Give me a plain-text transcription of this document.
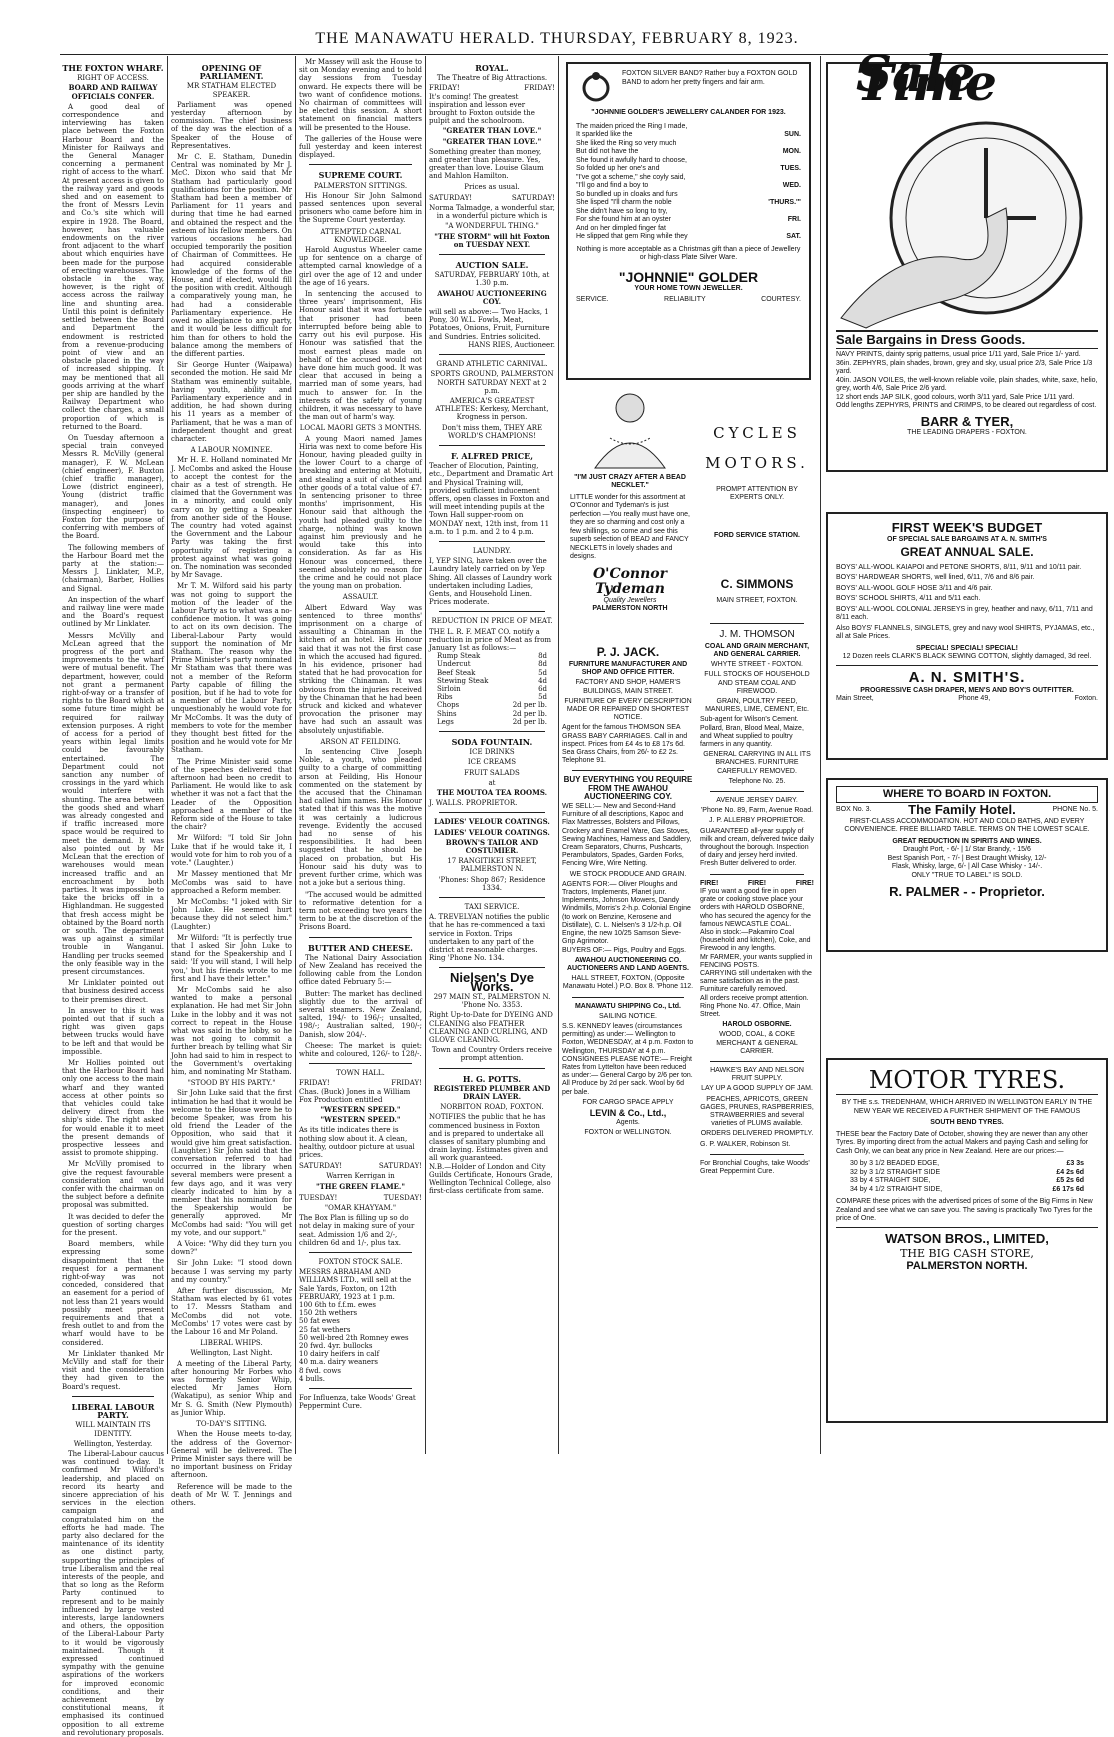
THE MANAWATU HERALD. THURSDAY, FEBRUARY 8, 1923.
THE FOXTON WHARF.
RIGHT OF ACCESS.
BOARD AND RAILWAY OFFICIALS CONFER.

A good deal of correspondence and interviewing has taken place between the Foxton Harbour Board and the Minister for Railways and the General Manager concerning a permanent right of access to the wharf. At present access is given to the railway yard and goods shed and on easement to the front of Messrs Levin and Co.'s site which will expire in 1928. The Board, however, has valuable endowments on the river front adjacent to the wharf about which enquiries have been made for the purpose of erecting warehouses. The obstacle in the way, however, is the right of access across the railway line and shunting area. Until this point is definitely settled between the Board and Department the endowment is restricted from a revenue-producing point of view and an obstacle placed in the way of increased shipping. It may be mentioned that all goods arriving at the wharf per ship are handled by the Railway Department who collect the charges, a small proportion of which is returned to the Board.

On Tuesday afternoon a special train conveyed Messrs R. McVilly (general manager), F. W. McLean (chief engineer), F. Buxton (chief traffic manager), Lowe (district engineer), Young (district traffic manager), and Jones (inspecting engineer) to Foxton for the purpose of conferring with members of the Board.

The following members of the Harbour Board met the party at the station:—Messrs J. Linklater, M.P., (chairman), Barber, Hollies and Signal.

An inspection of the wharf and railway line were made and the Board's request outlined by Mr Linklater.

Messrs McVilly and McLean agreed that the progress of the port and improvements to the wharf were of mutual benefit. The department, however, could not grant a permanent right-of-way or a transfer of rights to the Board which at some future time might be required for railway extension purposes. A right of access for a period of years within legal limits could be favourably entertained. The Department could not sanction any number of crossings in the yard which would interfere with shunting. The area between the goods shed and wharf was already congested and if traffic increased more space would be required to meet the demand. It was also pointed out by Mr McLean that the erection of warehouses would mean increased traffic and an encroachment by both parties. It was impossible to take the bricks off in a Highlandman. He suggested that fresh access might be obtained by the Board north or south. The department was up against a similar trouble in Wanganui. Handling per trucks seemed the only feasible way in the present circumstances.

Mr Linklater pointed out that business desired access to their premises direct.

In answer to this it was pointed out that if such a right was given gaps between trucks would have to be left and that would be impossible.

Mr Hollies pointed out that the Harbour Board had only one access to the main wharf and they wanted access at other points so that vehicles could take delivery direct from the ship's side. The right asked for would enable it to meet the present demands of prospective lessees and assist to promote shipping.

Mr McVilly promised to give the request favourable consideration and would confer with the chairman on the subject before a definite proposal was submitted.

It was decided to defer the question of sorting charges for the present.

Board members, while expressing some disappointment that the request for a permanent right-of-way was not conceded, considered that an easement for a period of not less than 21 years would possibly meet present requirements and that a fresh outlet to and from the wharf would have to be considered.

Mr Linklater thanked Mr McVilly and staff for their visit and the consideration they had given to the Board's request.

LIBERAL LABOUR PARTY.
WILL MAINTAIN ITS IDENTITY.
Wellington, Yesterday.

The Liberal-Labour caucus was continued to-day. It confirmed Mr Wilford's leadership, and placed on record its hearty and sincere appreciation of his services in the election campaign and congratulated him on the efforts he had made. The party also declared for the maintenance of its identity as one distinct party, supporting the principles of true Liberalism and the real interests of the people, and that so long as the Reform Party continued to represent and to be mainly influenced by large vested interests, large landowners and others, the opposition of the Liberal-Labour Party to it would be vigorously maintained. Though it expressed continued sympathy with the genuine aspirations of the workers for improved economic conditions, and their achievement by constitutional means, it emphasised its continued opposition to all extreme and revolutionary proposals.

OPENING OF PARLIAMENT.
MR STATHAM ELECTED SPEAKER.

Parliament was opened yesterday afternoon by commission. The chief business of the day was the election of a Speaker of the House of Representatives.

Mr C. E. Statham, Dunedin Central was nominated by Mr J. McC. Dixon who said that Mr Statham had particularly good qualifications for the position. Mr Statham had been a member of Parliament for 11 years and during that time he had earned and obtained the respect and the esteem of his fellow members. On various occasions he had occupied temporarily the position of Chairman of Committees. He had acquired considerable knowledge of the forms of the House, and if elected, would fill the position with credit. Although a comparatively young man, he had had a considerable Parliamentary experience. He owed no allegiance to any party, and it would be less difficult for him than for others to hold the balance among the members of the different parties.

Sir George Hunter (Waipawa) seconded the motion. He said Mr Statham was eminently suitable, having youth, ability and Parliamentary experience and in addition, he had shown during his 11 years as a member of Parliament, that he was a man of independent thought and great character.

A LABOUR NOMINEE.

Mr H. E. Holland nominated Mr J. McCombs and asked the House to accept the contest for the chair as a test of strength. He claimed that the Government was in a minority, and could only carry on by getting a Speaker from another side of the House. The country had voted against the Government and the Labour Party was taking the first opportunity of registering a protest against what was going on. The nomination was seconded by Mr Savage.

Mr T. M. Wilford said his party was not going to support the motion of the leader of the Labour Party as to what was a no-confidence motion. It was going to act on its own decision. The Liberal-Labour Party would support the nomination of Mr Statham. The reason why the Prime Minister's party nominated Mr Statham was that there was not a member of the Reform Party capable of filling the position, but if he had to vote for a member of the Labour Party, unquestionably he would vote for Mr McCombs. It was the duty of members to vote for the member they thought best fitted for the position and he would vote for Mr Statham.

The Prime Minister said some of the speeches delivered that afternoon had been no credit to Parliament. He would like to ask whether it was not a fact that the Leader of the Opposition approached a member of the Reform side of the House to take the chair?

Mr Wilford: "I told Sir John Luke that if he would take it, I would vote for him to rob you of a vote." (Laughter.)

Mr Massey mentioned that Mr McCombs was said to have approached a Reform member.

Mr McCombs: "I joked with Sir John Luke. He seemed hurt because they did not select him." (Laughter.)

Mr Wilford: "It is perfectly true that I asked Sir John Luke to stand for the Speakership and I said: 'If you will stand, I will help you,' but his friends wrote to me first and I have their letter."

Mr McCombs said he also wanted to make a personal explanation. He had met Sir John Luke in the lobby and it was not correct to repeat in the House what was said in the lobby, so he was not going to commit a further breach by telling what Sir John had said to him in respect to the Government's overtaking him, and nominating Mr Statham.

"STOOD BY HIS PARTY."

Sir John Luke said that the first intimation he had that it would be welcome to the House were he to become Speaker, was from his old friend the Leader of the Opposition, who said that it would give him great satisfaction. (Laughter.) Sir John said that the conversation referred to had occurred in the library when several members were present a few days ago, and it was very clearly indicated to him by a member that his nomination for the Speakership would be generally approved. Mr McCombs had said: "You will get my vote, and our support."

A Voice: "Why did they turn you down?"

Sir John Luke: "I stood down because I was serving my party and my country."

After further discussion, Mr Statham was elected by 61 votes to 17. Messrs Statham and McCombs did not vote. McCombs' 17 votes were cast by the Labour 16 and Mr Poland.

LIBERAL WHIPS.
Wellington, Last Night.

A meeting of the Liberal Party, after honouring Mr Forbes who was formerly Senior Whip, elected Mr James Horn (Wakatipu), as senior Whip and Mr S. G. Smith (New Plymouth) as Junior Whip.

TO-DAY'S SITTING.

When the House meets to-day, the address of the Governor-General will be delivered. The Prime Minister says there will be no important business on Friday afternoon.

Reference will be made to the death of Mr W. T. Jennings and others.

Mr Massey will ask the House to sit on Monday evening and to hold day sessions from Tuesday onward. He expects there will be two want of confidence motions. No chairman of committees will be elected this session. A short statement on financial matters will be presented to the House.

The galleries of the House were full yesterday and keen interest displayed.

SUPREME COURT.
PALMERSTON SITTINGS.

His Honour Sir John Salmond passed sentences upon several prisoners who came before him in the Supreme Court yesterday.

ATTEMPTED CARNAL KNOWLEDGE.

Harold Augustus Wheeler came up for sentence on a charge of attempted carnal knowledge of a girl over the age of 12 and under the age of 16 years.

In sentencing the accused to three years' imprisonment, His Honour said that it was fortunate that prisoner had been interrupted before being able to carry out his evil purpose. His Honour was satisfied that the most earnest pleas made on behalf of the accused would not have done him much good. It was clear that accused in being a married man of some years, had much to answer for. In the interests of the safety of young children, it was necessary to have the man out of harm's way.

LOCAL MAORI GETS 3 MONTHS.

A young Maori named James Hiria was next to come before His Honour, having pleaded guilty in the lower Court to a charge of breaking and entering at Motuiti, and stealing a suit of clothes and other goods of a total value of £7. In sentencing prisoner to three months' imprisonment, His Honour said that although the youth had pleaded guilty to the charge, nothing was known against him previously and he would take this into consideration. As far as His Honour was concerned, there seemed absolutely no reason for the crime and he could not place the young man on probation.

ASSAULT.

Albert Edward Way was sentenced to three months' imprisonment on a charge of assaulting a Chinaman in the kitchen of an hotel. His Honour said that it was not the first case in which the accused had figured. In his evidence, prisoner had stated that he had provocation for striking the Chinaman. It was obvious from the injuries received by the Chinaman that he had been struck and kicked and whatever provocation the prisoner may have had such an assault was absolutely unjustifiable.

ARSON AT FEILDING.

In sentencing Clive Joseph Noble, a youth, who pleaded guilty to a charge of committing arson at Feilding, His Honour commented on the statement by the accused that the Chinaman had called him names. His Honour stated that if this was the motive it was certainly a ludicrous revenge. Evidently the accused had no sense of his responsibilities. It had been suggested that he should be placed on probation, but His Honour said his duty was to prevent further crime, which was not a joke but a serious thing.

"The accused would be admitted to reformative detention for a term not exceeding two years the term to be at the discretion of the Prisons Board.

BUTTER AND CHEESE.

The National Dairy Association of New Zealand has received the following cable from the London office dated February 5:—

Butter: The market has declined slightly due to the arrival of several steamers. New Zealand, salted, 194/- to 196/-; unsalted, 198/-; Australian salted, 190/-; Danish, slow 204/-.

Cheese: The market is quiet: white and coloured, 126/- to 128/-.

TOWN HALL.
FRIDAY!	FRIDAY!
Chas. (Buck) Jones in a William Fox Production entitled
"WESTERN SPEED."
"WESTERN SPEED."
As its title indicates there is nothing slow about it. A clean, healthy, outdoor picture at usual prices.
SATURDAY!	SATURDAY!
Warren Kerrigan in
"THE GREEN FLAME."
TUESDAY!	TUESDAY!
"OMAR KHAYYAM."
The Box Plan is filling up so do not delay in making sure of your seat. Admission 1/6 and 2/-, children 6d and 1/-, plus tax.
FOXTON STOCK SALE.
MESSRS ABRAHAM AND WILLIAMS LTD., will sell at the Sale Yards, Foxton, on 12th FEBRUARY, 1923 at 1 p.m.
100 6th to f.f.m. ewes
150 2th wethers
50 fat ewes
25 fat wethers
50 well-bred 2th Romney ewes
20 fwd. 4yr. bullocks
10 dairy heifers in calf
40 m.a. dairy weaners
8 fwd. cows
4 bulls.
For Influenza, take Woods' Great Peppermint Cure.
ROYAL.
The Theatre of Big Attractions.
FRIDAY!	FRIDAY!
It's coming! The greatest inspiration and lesson ever brought to Foxton outside the pulpit and the schoolroom.
"GREATER THAN LOVE."
"GREATER THAN LOVE."
Something greater than money, and greater than pleasure. Yes, greater than love. Louise Glaum and Mahlon Hamilton.
Prices as usual.
SATURDAY!	SATURDAY!
Norma Talmadge, a wonderful star, in a wonderful picture which is
"A WONDERFUL THING."
"THE STORM" will hit Foxton on TUESDAY NEXT.
AUCTION SALE.
SATURDAY, FEBRUARY 10th, at 1.30 p.m.
AWAHOU AUCTIONEERING COY.
will sell as above:— Two Hacks, 1 Pony, 30 W.L. Fowls, Meat, Potatoes, Onions, Fruit, Furniture and Sundries. Entries solicited.
HANS RIES, Auctioneer.
GRAND ATHLETIC CARNIVAL.
SPORTS GROUND, PALMERSTON NORTH SATURDAY NEXT at 2 p.m.
AMERICA'S GREATEST ATHLETES: Kerkesy, Merchant, Krogness in person.
Don't miss them, THEY ARE WORLD'S CHAMPIONS!
F. ALFRED PRICE,
Teacher of Elocution, Painting, etc., Department and Dramatic Art and Physical Training will, provided sufficient inducement offers, open classes in Foxton and will meet intending pupils at the Town Hall supper-room on MONDAY next, 12th inst, from 11 a.m. to 1 p.m. and 2 to 4 p.m.
LAUNDRY.
I, YEP SING, have taken over the Laundry lately carried on by Yep Shing. All classes of Laundry work undertaken including Ladies, Gents, and Household Linen. Prices moderate.
REDUCTION IN PRICE OF MEAT.
THE L. R. F. MEAT CO. notify a reduction in price of Meat as from January 1st as follows:—
Rump Steak	8d
Undercut	8d
Beef Steak	5d
Stewing Steak	4d
Sirloin	6d
Ribs	5d
Chops	2d per lb.
Shins	2d per lb.
Legs	2d per lb.
SODA FOUNTAIN.
ICE DRINKS
ICE CREAMS
FRUIT SALADS
at
THE MOUTOA TEA ROOMS.
J. WALLS. PROPRIETOR.
LADIES' VELOUR COATINGS.
LADIES' VELOUR COATINGS.
BROWN'S TAILOR AND COSTUMIER.
17 RANGITIKEI STREET, PALMERSTON N.
'Phones: Shop 867; Residence 1334.
TAXI SERVICE.
A. TREVELYAN notifies the public that he has re-commenced a taxi service in Foxton. Trips undertaken to any part of the district at reasonable charges. Ring 'Phone No. 134.
Nielsen's Dye Works.
297 MAIN ST., PALMERSTON N. 'Phone No. 3353.
Right Up-to-Date for DYEING AND CLEANING also FEATHER CLEANING AND CURLING, AND GLOVE CLEANING.
Town and Country Orders receive prompt attention.
H. G. POTTS.
REGISTERED PLUMBER AND DRAIN LAYER.
NORBITON ROAD, FOXTON.
NOTIFIES the public that he has commenced business in Foxton and is prepared to undertake all classes of sanitary plumbing and drain laying. Estimates given and all work guaranteed.
N.B.—Holder of London and City Guilds Certificate, Honours Grade, Wellington Technical College, also first-class certificate from same.
FOXTON SILVER BAND? Rather buy a FOXTON GOLD BAND to adorn her pretty fingers and fair arm.
"JOHNNIE GOLDER'S JEWELLERY CALANDER FOR 1923.
The maiden priced the Ring I made,
It sparkled like the	SUN.
She liked the Ring so very much
But did not have the	MON.
She found it awfully hard to choose,
So folded up her one's and	TUES.
"I've got a scheme," she coyly said,
"I'll go and find a boy to	WED.
So bundled up in cloaks and furs
She lisped "I'll charm the noble	'THURS.'"
She didn't have so long to try,
For she found him at an oyster	FRI.
And on her dimpled finger fat
He slipped that gem Ring while they	SAT.
Nothing is more acceptable as a Christmas gift than a piece of Jewellery or high-class Plate Silver Ware.
"JOHNNIE" GOLDER
YOUR HOME TOWN JEWELLER.
SERVICE.	RELIABILITY	COURTESY.
"I'M JUST CRAZY AFTER A BEAD NECKLET."
LITTLE wonder for this assortment at O'Connor and Tydeman's is just perfection —You really must have one, they are so charming and cost only a few shillings, so come and see this superb selection of BEAD and FANCY NECKLETS in lovely shades and designs.
O'Connor Tydeman
Quality Jewellers
PALMERSTON NORTH
P. J. JACK.
FURNITURE MANUFACTURER AND SHOP AND OFFICE FITTER.
FACTORY AND SHOP, HAMER'S BUILDINGS, MAIN STREET.
FURNITURE OF EVERY DESCRIPTION MADE OR REPAIRED ON SHORTEST NOTICE.
Agent for the famous THOMSON SEA GRASS BABY CARRIAGES. Call in and inspect. Prices from £4 4s to £8 17s 6d. Sea Grass Chairs, from 26/- to £2 2s. Telephone 91.
BUY EVERYTHING YOU REQUIRE FROM THE AWAHOU AUCTIONEERING COY.
WE SELL:— New and Second-Hand Furniture of all descriptions, Kapoc and Flax Mattresses, Bolsters and Pillows, Crockery and Enamel Ware, Gas Stoves, Sewing Machines, Harness and Saddlery, Cream Separators, Churns, Pushcarts, Perambulators, Spades, Garden Forks, Fencing Wire, Wire Netting.
WE STOCK PRODUCE AND GRAIN.
AGENTS FOR:— Oliver Ploughs and Tractors, Implements, Planet junr. Implements, Johnson Mowers, Dandy Windmills, Morris's 2-h.p. Colonial Engine (to work on Benzine, Kerosene and Distillate), C. L. Nielsen's 3 1/2-h.p. Oil Engine, the new 10/25 Samson Sieve-Grip Agrimotor.
BUYERS OF:— Pigs, Poultry and Eggs.
AWAHOU AUCTIONEERING CO. AUCTIONEERS AND LAND AGENTS.
HALL STREET, FOXTON, (Opposite Manawatu Hotel.) P.O. Box 8. 'Phone 112.
MANAWATU SHIPPING Co., Ltd.
SAILING NOTICE.
S.S. KENNEDY leaves (circumstances permitting) as under:— Wellington to Foxton, WEDNESDAY, at 4 p.m. Foxton to Wellington, THURSDAY at 4 p.m.
CONSIGNEES PLEASE NOTE:— Freight Rates from Lyttelton have been reduced as under:— General Cargo by 2/6 per ton. All Produce by 2d per sack. Wool by 6d per bale.
FOR CARGO SPACE APPLY
LEVIN & Co., Ltd.,
Agents.
FOXTON or WELLINGTON.
CYCLES
MOTORS.
PROMPT ATTENTION BY EXPERTS ONLY.
FORD SERVICE STATION.
C. SIMMONS
MAIN STREET, FOXTON.
J. M. THOMSON
COAL AND GRAIN MERCHANT, AND GENERAL CARRIER.
WHYTE STREET - FOXTON.
FULL STOCKS OF HOUSEHOLD AND STEAM COAL AND FIREWOOD.
GRAIN, POULTRY FEED, MANURES, LIME, CEMENT, Etc.
Sub-agent for Wilson's Cement. Pollard, Bran, Blood Meal, Maize, and Wheat supplied to poultry farmers in any quantity.
GENERAL CARRYING IN ALL ITS BRANCHES. FURNITURE CAREFULLY REMOVED.
Telephone No. 25.
AVENUE JERSEY DAIRY.
'Phone No. 89, Farm, Avenue Road.
J. P. ALLERBY PROPRIETOR.
GUARANTEED all-year supply of milk and cream, delivered twice daily throughout the borough. Inspection of dairy and jersey herd invited. Fresh Butter delivered to order.
FIRE!	FIRE!	FIRE!
IF you want a good fire in open grate or cooking stove place your orders with HAROLD OSBORNE, who has secured the agency for the famous NEWCASTLE COAL.
Also in stock:—Pakamiro Coal (household and kitchen), Coke, and Firewood in any lengths.
Mr FARMER, your wants supplied in FENCING POSTS.
CARRYING still undertaken with the same satisfaction as in the past. Furniture carefully removed.
All orders receive prompt attention. Ring Phone No. 47. Office, Main Street.
HAROLD OSBORNE.
WOOD, COAL, & COKE MERCHANT & GENERAL CARRIER.
HAWKE'S BAY AND NELSON FRUIT SUPPLY.
LAY UP A GOOD SUPPLY OF JAM.
PEACHES, APRICOTS, GREEN GAGES, PRUNES, RASPBERRIES, STRAWBERRIES and several varieties of PLUMS available.
ORDERS DELIVERED PROMPTLY.
G. P. WALKER, Robinson St.
For Bronchial Coughs, take Woods' Great Peppermint Cure.
Sale Time
Sale Bargains in Dress Goods.
NAVY PRINTS, dainty sprig patterns, usual price 1/11 yard, Sale Price 1/- yard.
36in. ZEPHYRS, plain shades, brown, grey and sky, usual price 2/3, Sale Price 1/3 yard.
40in. JASON VOILES, the well-known reliable voile, plain shades, white, saxe, helio, grey, worth 4/6, Sale Price 2/6 yard.
12 short ends JAP SILK, good colours, worth 3/11 yard, Sale Price 1/11 yard.
Odd lengths ZEPHYRS, PRINTS and CRIMPS, to be cleared out regardless of cost.
BARR & TYER,
THE LEADING DRAPERS - FOXTON.
FIRST WEEK'S BUDGET
OF SPECIAL SALE BARGAINS AT A. N. SMITH'S
GREAT ANNUAL SALE.
BOYS' ALL-WOOL KAIAPOI and PETONE SHORTS, 8/11, 9/11 and 10/11 pair.
BOYS' HARDWEAR SHORTS, well lined, 6/11, 7/6 and 8/6 pair.
BOYS' ALL-WOOL GOLF HOSE 3/11 and 4/6 pair.
BOYS' SCHOOL SHIRTS, 4/11 and 5/11 each.
BOYS' ALL-WOOL COLONIAL JERSEYS in grey, heather and navy, 6/11, 7/11 and 8/11 each.
Also BOYS' FLANNELS, SINGLETS, grey and navy wool SHIRTS, PYJAMAS, etc., all at Sale Prices.
SPECIAL! SPECIAL! SPECIAL!
12 Dozen reels CLARK'S BLACK SEWING COTTON, slightly damaged, 3d reel.
A. N. SMITH'S.
PROGRESSIVE CASH DRAPER, MEN'S AND BOY'S OUTFITTER.
Main Street,	Phone 49,	Foxton.
WHERE TO BOARD IN FOXTON.
BOX No. 3.	The Family Hotel.	PHONE No. 5.
FIRST-CLASS ACCOMMODATION. HOT AND COLD BATHS, AND EVERY CONVENIENCE. FREE BILLIARD TABLE. TERMS ON THE LOWEST SCALE.
GREAT REDUCTION IN SPIRITS AND WINES.
Draught Port, - 6/- | 1/ Star Brandy, - 15/6
Best Spanish Port, - 7/- | Best Draught Whisky, 12/-
Flask, Whisky, large, 6/- | All Case Whisky - 14/-.
ONLY "TRUE TO LABEL" IS SOLD.
R. PALMER - - Proprietor.
MOTOR TYRES.
BY THE s.s. TREDENHAM, WHICH ARRIVED IN WELLINGTON EARLY IN THE NEW YEAR WE RECEIVED A FURTHER SHIPMENT OF THE FAMOUS
SOUTH BEND TYRES.
THESE bear the Factory Date of October, showing they are newer than any other Tyres. By importing direct from the actual Makers and paying Cash and selling for Cash Only, we can beat any price in New Zealand. Here are our prices:—
30 by 3 1/2 BEADED EDGE,	£3 3s
32 by 3 1/2 STRAIGHT SIDE	£4 2s 6d
33 by 4 STRAIGHT SIDE,	£5 2s 6d
34 by 4 1/2 STRAIGHT SIDE,	£6 17s 6d
COMPARE these prices with the advertised prices of some of the Big Firms in New Zealand and see what we can save you. The saving is practically Two Tyres for the price of One.
WATSON BROS., LIMITED,
THE BIG CASH STORE,
PALMERSTON NORTH.
